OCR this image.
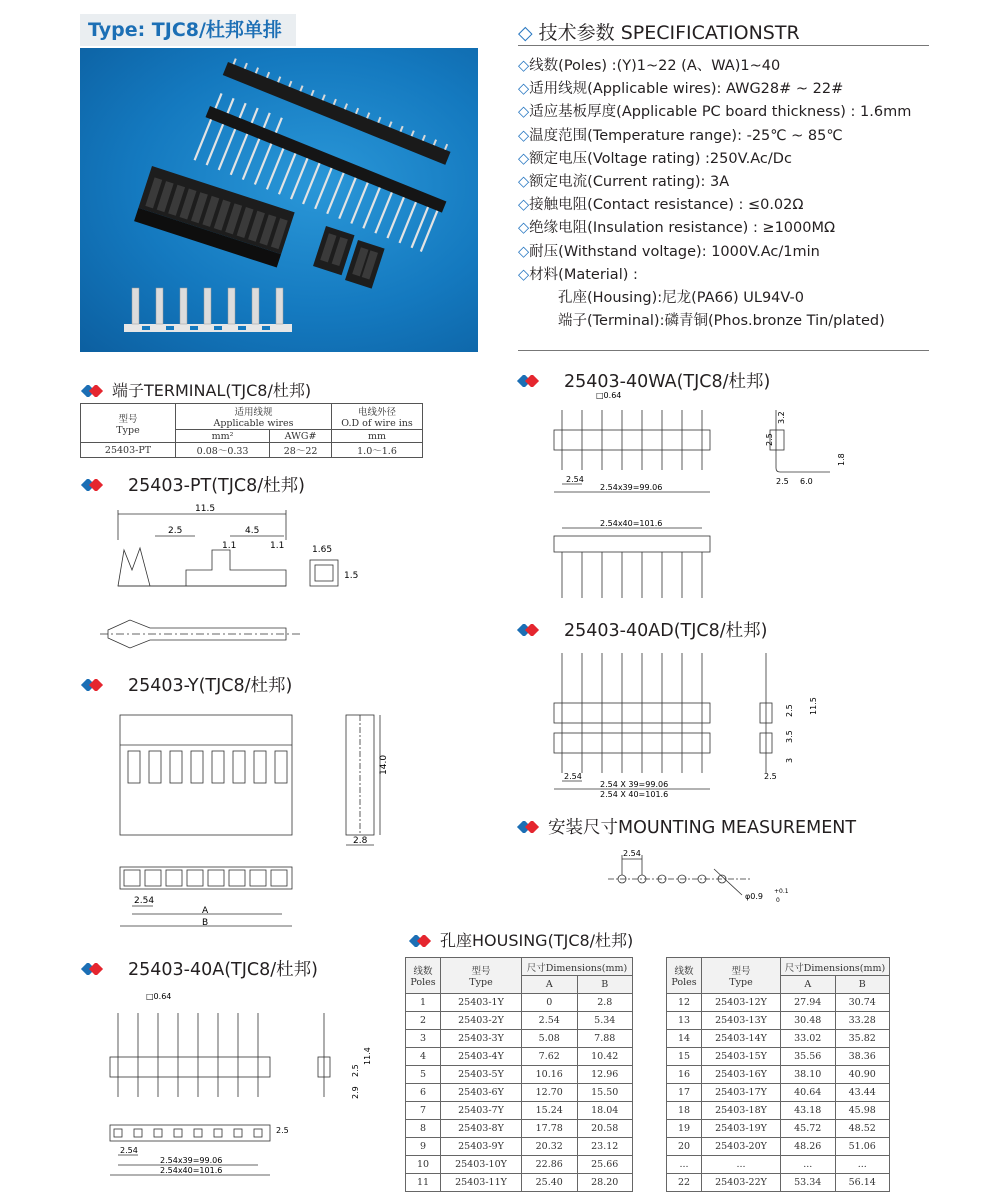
Type: TJC8/杜邦单排	◇ 技术参数 SPECIFICATIONSTR
◇线数(Poles) :(Y)1~22 (A、WA)1~40
◇适用线规(Applicable wires): AWG28# ~ 22#
◇适应基板厚度(Applicable PC board thickness) : 1.6mm
◇温度范围(Temperature range): -25℃ ~ 85℃
◇额定电压(Voltage rating) :250V.Ac/Dc
◇额定电流(Current rating): 3A
◇接触电阻(Contact resistance) : ≤0.02Ω
◇绝缘电阻(Insulation resistance) : ≥1000MΩ
◇耐压(Withstand voltage): 1000V.Ac/1min
◇材料(Material) :
孔座(Housing):尼龙(PA66) UL94V-0
端子(Terminal):磷青铜(Phos.bronze Tin/plated)
端子TERMINAL(TJC8/杜邦)
型号
Type	适用线规
Applicable wires		电线外径
O.D of wire ins
	mm²	AWG#	mm
25403-PT	0.08～0.33	28～22	1.0～1.6
25403-PT(TJC8/杜邦)
11.5
2.5	4.5
1.1	1.1	1.65
1.5
25403-Y(TJC8/杜邦)
14.0
2.8
2.54
A
B
25403-40A(TJC8/杜邦)
□0.64
11.4
2.5
2.9
2.5
2.54
2.54x39=99.06
2.54x40=101.6
25403-40WA(TJC8/杜邦)
□0.64
3.2
2.5
1.8
2.5 6.0
2.54
2.54x39=99.06
2.54x40=101.6
25403-40AD(TJC8/杜邦)
11.5
2.5
3.5
3
2.5
2.54
2.54 X 39=99.06
2.54 X 40=101.6
安装尺寸MOUNTING MEASUREMENT
2.54
φ0.9
+0.1
0
孔座HOUSING(TJC8/杜邦)
线数
Poles	型号
Type	尺寸Dimensions(mm)	
		A	B
1	25403-1Y	0	2.8
2	25403-2Y	2.54	5.34
3	25403-3Y	5.08	7.88
4	25403-4Y	7.62	10.42
5	25403-5Y	10.16	12.96
6	25403-6Y	12.70	15.50
7	25403-7Y	15.24	18.04
8	25403-8Y	17.78	20.58
9	25403-9Y	20.32	23.12
10	25403-10Y	22.86	25.66
11	25403-11Y	25.40	28.20
线数
Poles	型号
Type	尺寸Dimensions(mm)	
		A	B
12	25403-12Y	27.94	30.74
13	25403-13Y	30.48	33.28
14	25403-14Y	33.02	35.82
15	25403-15Y	35.56	38.36
16	25403-16Y	38.10	40.90
17	25403-17Y	40.64	43.44
18	25403-18Y	43.18	45.98
19	25403-19Y	45.72	48.52
20	25403-20Y	48.26	51.06
...	...	...	...
22	25403-22Y	53.34	56.14
